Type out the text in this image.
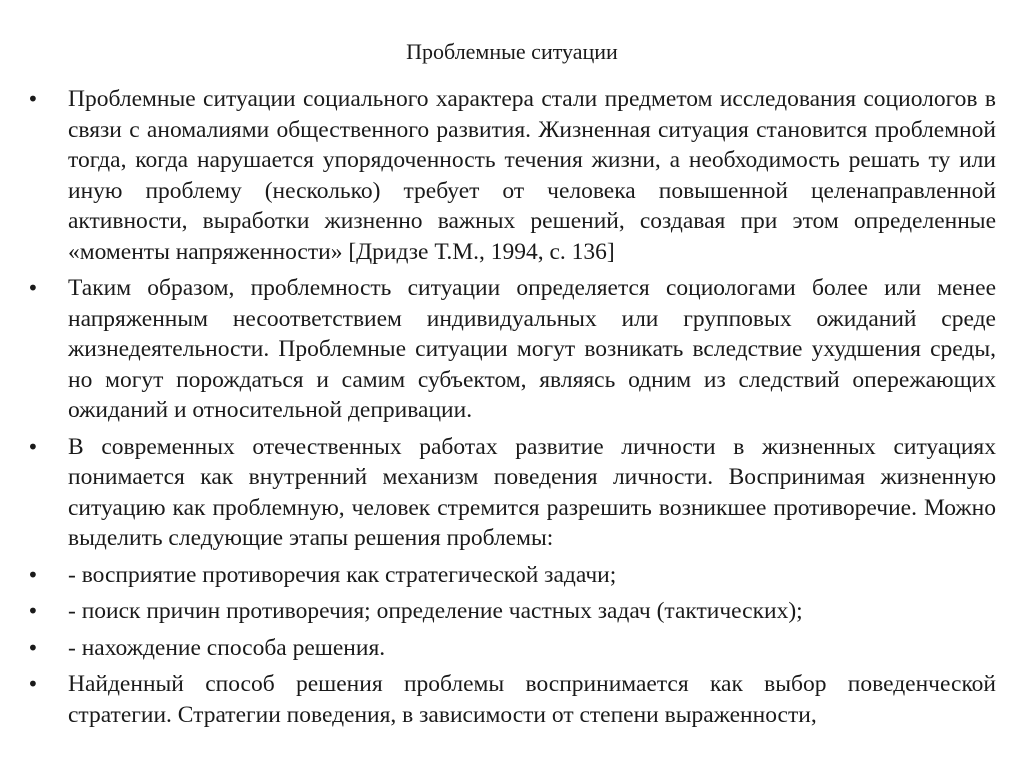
Проблемные ситуации
•	Проблемные ситуации социального характера стали предметом исследования социологов в связи с аномалиями общественного развития. Жизненная ситуация становится проблемной тогда, когда нарушается упорядоченность течения жизни, а необходимость решать ту или иную проблему (несколько) требует от человека повышенной целенаправленной активности, выработки жизненно важных решений, создавая при этом определенные «моменты напряженности» [Дридзе Т.М., 1994, с. 136]
•	Таким образом, проблемность ситуации определяется социологами более или менее напряженным несоответствием индивидуальных или групповых ожиданий среде жизнедеятельности. Проблемные ситуации могут возникать вследствие ухудшения среды, но могут порождаться и самим субъектом, являясь одним из следствий опережающих ожиданий и относительной депривации.
•	В современных отечественных работах развитие личности в жизненных ситуациях понимается как внутренний механизм поведения личности. Воспринимая жизненную ситуацию как проблемную, человек стремится разрешить возникшее противоречие. Можно выделить следующие этапы решения проблемы:
•	- восприятие противоречия как стратегической задачи;
•	- поиск причин противоречия; определение частных задач (тактических);
•	- нахождение способа решения.
•	Найденный способ решения проблемы воспринимается как выбор поведенческой стратегии. Стратегии поведения, в зависимости от степени выраженности,
